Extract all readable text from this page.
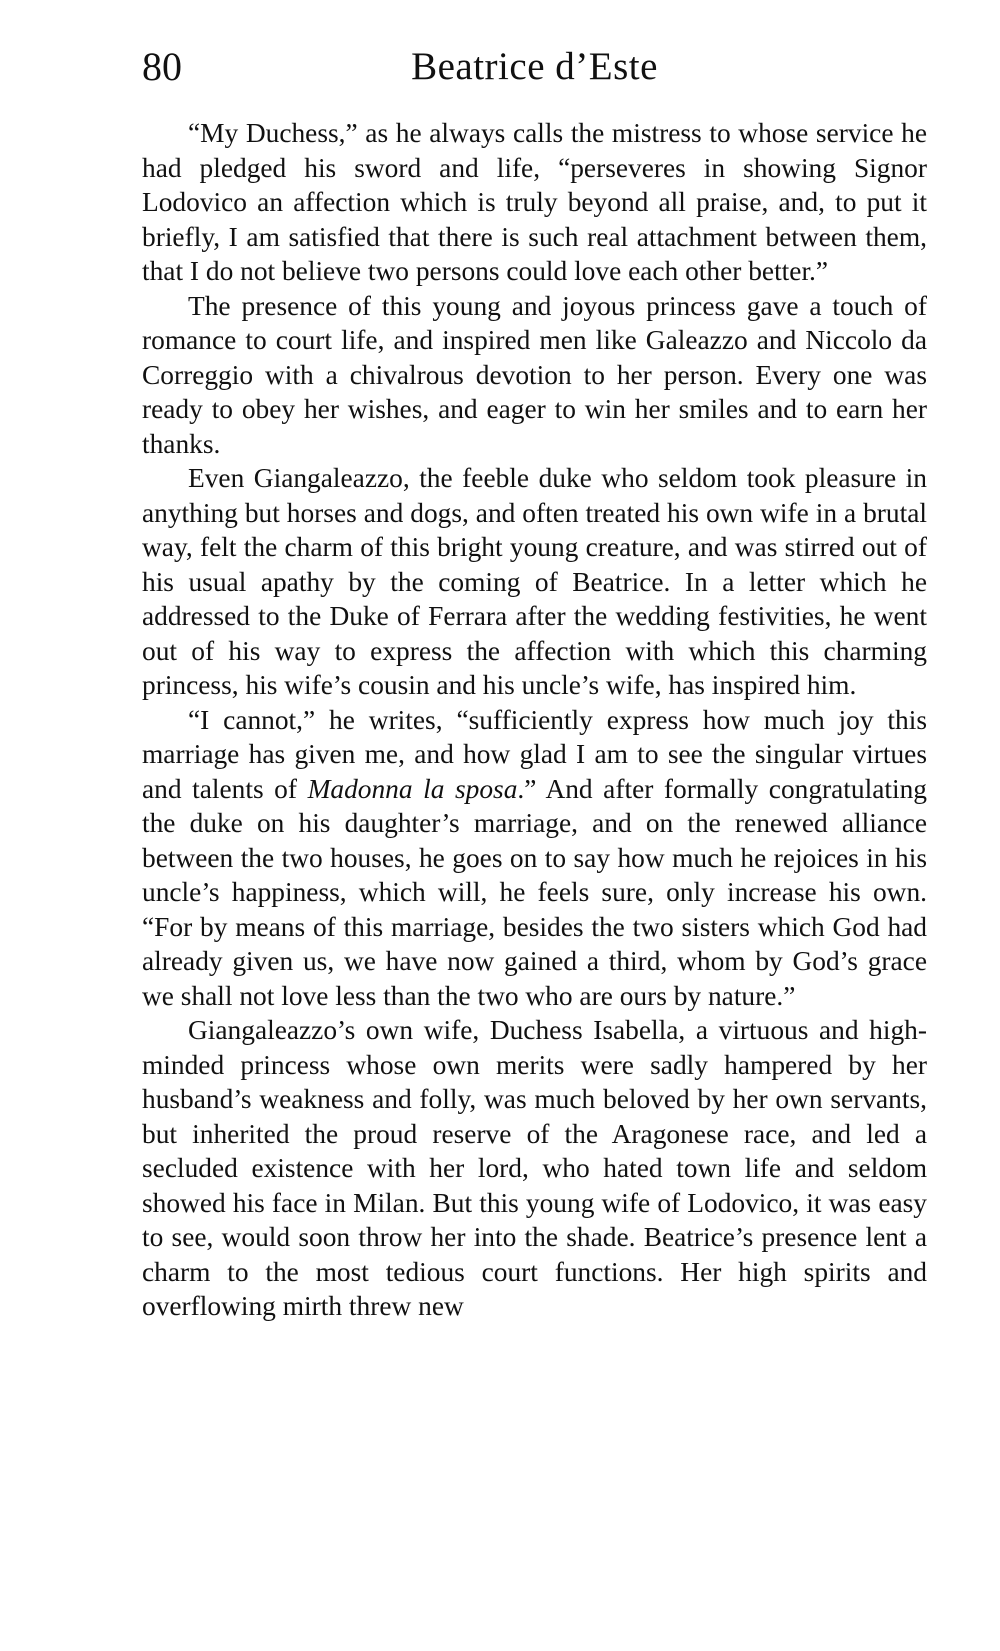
80	Beatrice d’Este

“My Duchess,” as he always calls the mistress to whose service he had pledged his sword and life, “perseveres in showing Signor Lodovico an affection which is truly beyond all praise, and, to put it briefly, I am satisfied that there is such real attachment between them, that I do not believe two persons could love each other better.”

The presence of this young and joyous princess gave a touch of romance to court life, and inspired men like Galeazzo and Niccolo da Correggio with a chivalrous devotion to her person. Every one was ready to obey her wishes, and eager to win her smiles and to earn her thanks.

Even Giangaleazzo, the feeble duke who seldom took pleasure in anything but horses and dogs, and often treated his own wife in a brutal way, felt the charm of this bright young creature, and was stirred out of his usual apathy by the coming of Beatrice. In a letter which he addressed to the Duke of Ferrara after the wedding festivities, he went out of his way to express the affection with which this charming princess, his wife’s cousin and his uncle’s wife, has inspired him.

“I cannot,” he writes, “sufficiently express how much joy this marriage has given me, and how glad I am to see the singular virtues and talents of Madonna la sposa.” And after formally congratulating the duke on his daughter’s marriage, and on the renewed alliance between the two houses, he goes on to say how much he rejoices in his uncle’s happiness, which will, he feels sure, only increase his own. “For by means of this marriage, besides the two sisters which God had already given us, we have now gained a third, whom by God’s grace we shall not love less than the two who are ours by nature.”

Giangaleazzo’s own wife, Duchess Isabella, a virtuous and high-minded princess whose own merits were sadly hampered by her husband’s weakness and folly, was much beloved by her own servants, but inherited the proud reserve of the Aragonese race, and led a secluded existence with her lord, who hated town life and seldom showed his face in Milan. But this young wife of Lodovico, it was easy to see, would soon throw her into the shade. Beatrice’s presence lent a charm to the most tedious court functions. Her high spirits and overflowing mirth threw new
